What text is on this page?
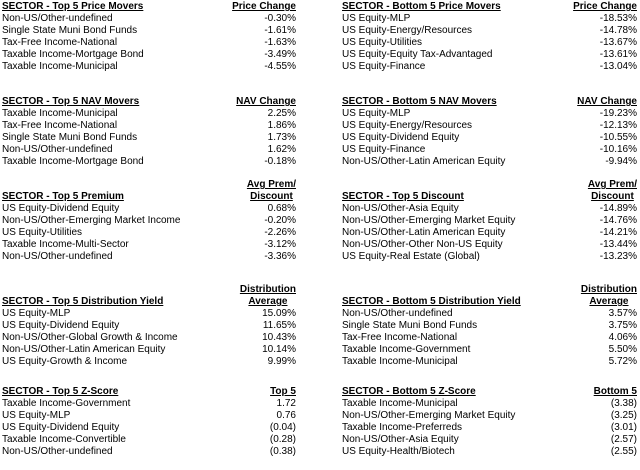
SECTOR - Top 5 Price Movers	Price Change
Non-US/Other-undefined	-0.30%
Single State Muni Bond Funds	-1.61%
Tax-Free Income-National	-1.63%
Taxable Income-Mortgage Bond	-3.49%
Taxable Income-Municipal	-4.55%
SECTOR - Top 5 NAV Movers	NAV Change
Taxable Income-Municipal	2.25%
Tax-Free Income-National	1.86%
Single State Muni Bond Funds	1.73%
Non-US/Other-undefined	1.62%
Taxable Income-Mortgage Bond	-0.18%
SECTOR - Top 5 Premium
Avg Prem/
Discount
US Equity-Dividend Equity	0.68%
Non-US/Other-Emerging Market Income	-0.20%
US Equity-Utilities	-2.26%
Taxable Income-Multi-Sector	-3.12%
Non-US/Other-undefined	-3.36%
SECTOR - Top 5 Distribution Yield
Distribution
Average
US Equity-MLP	15.09%
US Equity-Dividend Equity	11.65%
Non-US/Other-Global Growth & Income	10.43%
Non-US/Other-Latin American Equity	10.14%
US Equity-Growth & Income	9.99%
SECTOR - Top 5 Z-Score	Top 5
Taxable Income-Government	1.72
US Equity-MLP	0.76
US Equity-Dividend Equity	(0.04)
Taxable Income-Convertible	(0.28)
Non-US/Other-undefined	(0.38)
SECTOR - Bottom 5 Price Movers	Price Change
US Equity-MLP	-18.53%
US Equity-Energy/Resources	-14.78%
US Equity-Utilities	-13.67%
US Equity-Equity Tax-Advantaged	-13.61%
US Equity-Finance	-13.04%
SECTOR - Bottom 5 NAV Movers	NAV Change
US Equity-MLP	-19.23%
US Equity-Energy/Resources	-12.13%
US Equity-Dividend Equity	-10.55%
US Equity-Finance	-10.16%
Non-US/Other-Latin American Equity	-9.94%
SECTOR - Top 5 Discount
Avg Prem/
Discount
Non-US/Other-Asia Equity	-14.89%
Non-US/Other-Emerging Market Equity	-14.76%
Non-US/Other-Latin American Equity	-14.21%
Non-US/Other-Other Non-US Equity	-13.44%
US Equity-Real Estate (Global)	-13.23%
SECTOR - Bottom 5 Distribution Yield
Distribution
Average
Non-US/Other-undefined	3.57%
Single State Muni Bond Funds	3.75%
Tax-Free Income-National	4.06%
Taxable Income-Government	5.50%
Taxable Income-Municipal	5.72%
SECTOR - Bottom 5 Z-Score	Bottom 5
Taxable Income-Municipal	(3.38)
Non-US/Other-Emerging Market Equity	(3.25)
Taxable Income-Preferreds	(3.01)
Non-US/Other-Asia Equity	(2.57)
US Equity-Health/Biotech	(2.55)
